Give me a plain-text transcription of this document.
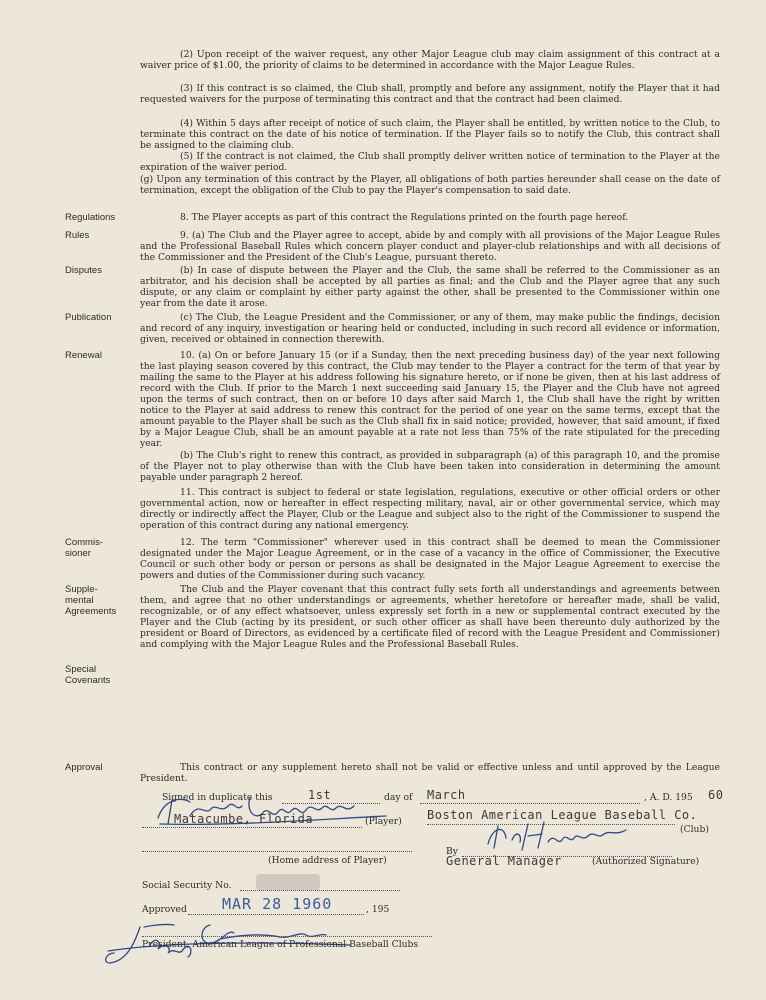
(2) Upon receipt of the waiver request, any other Major League club may claim assignment of this contract at a waiver price of $1.00, the priority of claims to be determined in accordance with the Major League Rules.
(3) If this contract is so claimed, the Club shall, promptly and before any assignment, notify the Player that it had requested waivers for the purpose of terminating this contract and that the contract had been claimed.
(4) Within 5 days after receipt of notice of such claim, the Player shall be entitled, by written notice to the Club, to terminate this contract on the date of his notice of termination. If the Player fails so to notify the Club, this contract shall be assigned to the claiming club.
(5) If the contract is not claimed, the Club shall promptly deliver written notice of termination to the Player at the expiration of the waiver period.
(g) Upon any termination of this contract by the Player, all obligations of both parties hereunder shall cease on the date of termination, except the obligation of the Club to pay the Player's compensation to said date.
Regulations	8. The Player accepts as part of this contract the Regulations printed on the fourth page hereof.
Rules	9. (a) The Club and the Player agree to accept, abide by and comply with all provisions of the Major League Rules and the Professional Baseball Rules which concern player conduct and player-club relationships and with all decisions of the Commissioner and the President of the Club's League, pursuant thereto.
Disputes	(b) In case of dispute between the Player and the Club, the same shall be referred to the Commissioner as an arbitrator, and his decision shall be accepted by all parties as final; and the Club and the Player agree that any such dispute, or any claim or complaint by either party against the other, shall be presented to the Commissioner within one year from the date it arose.
Publication	(c) The Club, the League President and the Commissioner, or any of them, may make public the findings, decision and record of any inquiry, investigation or hearing held or conducted, including in such record all evidence or information, given, received or obtained in connection therewith.
Renewal	10. (a) On or before January 15 (or if a Sunday, then the next preceding business day) of the year next following the last playing season covered by this contract, the Club may tender to the Player a contract for the term of that year by mailing the same to the Player at his address following his signature hereto, or if none be given, then at his last address of record with the Club. If prior to the March 1 next succeeding said January 15, the Player and the Club have not agreed upon the terms of such contract, then on or before 10 days after said March 1, the Club shall have the right by written notice to the Player at said address to renew this contract for the period of one year on the same terms, except that the amount payable to the Player shall be such as the Club shall fix in said notice; provided, however, that said amount, if fixed by a Major League Club, shall be an amount payable at a rate not less than 75% of the rate stipulated for the preceding year.
(b) The Club's right to renew this contract, as provided in subparagraph (a) of this paragraph 10, and the promise of the Player not to play otherwise than with the Club have been taken into consideration in determining the amount payable under paragraph 2 hereof.
11. This contract is subject to federal or state legislation, regulations, executive or other official orders or other governmental action, now or hereafter in effect respecting military, naval, air or other governmental service, which may directly or indirectly affect the Player, Club or the League and subject also to the right of the Commissioner to suspend the operation of this contract during any national emergency.
Commis-
sioner
12. The term "Commissioner" wherever used in this contract shall be deemed to mean the Commissioner designated under the Major League Agreement, or in the case of a vacancy in the office of Commissioner, the Executive Council or such other body or person or persons as shall be designated in the Major League Agreement to exercise the powers and duties of the Commissioner during such vacancy.
Supple-
mental
Agreements
The Club and the Player covenant that this contract fully sets forth all understandings and agreements between them, and agree that no other understandings or agreements, whether heretofore or hereafter made, shall be valid, recognizable, or of any effect whatsoever, unless expressly set forth in a new or supplemental contract executed by the Player and the Club (acting by its president, or such other officer as shall have been thereunto duly authorized by the president or Board of Directors, as evidenced by a certificate filed of record with the League President and Commissioner) and complying with the Major League Rules and the Professional Baseball Rules.
Special
Covenants
Approval	This contract or any supplement hereto shall not be valid or effective unless and until approved by the League President.
Signed in duplicate this	1st	day of March	, A. D. 195 60
Matacumbe, Florida	(Player) Boston American League Baseball Co.
(Club)
(Home address of Player)
By
General Manager	(Authorized Signature)
Social Security No.
Approved MAR 28 1960	, 195
President, American League of Professional Baseball Clubs
